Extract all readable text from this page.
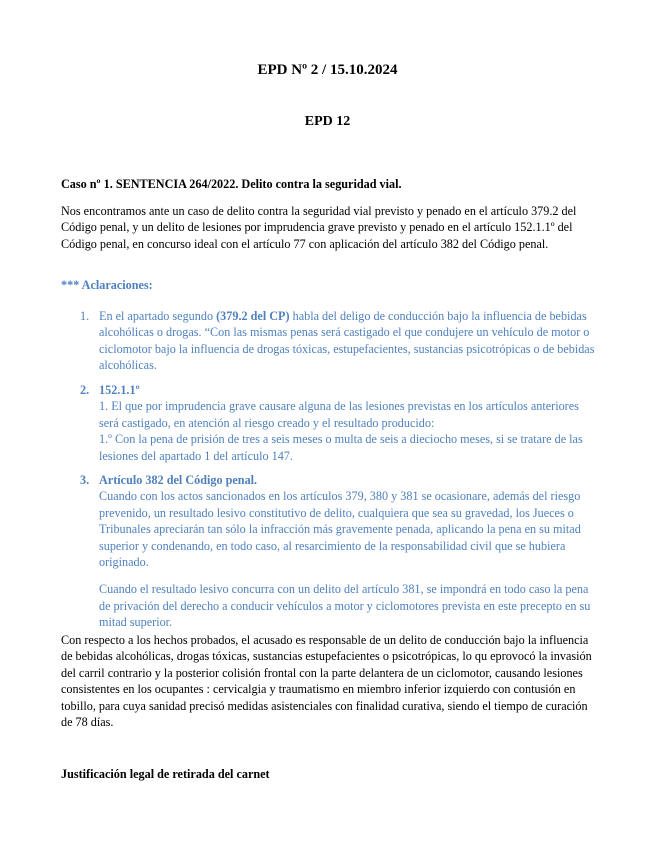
EPD Nº 2 / 15.10.2024
EPD 12
Caso nº 1. SENTENCIA 264/2022. Delito contra la seguridad vial.
Nos encontramos ante un caso de delito contra la seguridad vial previsto y penado en el artículo 379.2 del Código penal, y un delito de lesiones por imprudencia grave previsto y penado en el artículo 152.1.1º del Código penal, en concurso ideal con el artículo 77 con aplicación del artículo 382 del Código penal.
*** Aclaraciones:
1. En el apartado segundo (379.2 del CP) habla del deligo de conducción bajo la influencia de bebidas alcohólicas o drogas. “Con las mismas penas será castigado el que condujere un vehículo de motor o ciclomotor bajo la influencia de drogas tóxicas, estupefacientes, sustancias psicotrópicas o de bebidas alcohólicas.
2. 152.1.1º
1. El que por imprudencia grave causare alguna de las lesiones previstas en los artículos anteriores será castigado, en atención al riesgo creado y el resultado producido:
1.º Con la pena de prisión de tres a seis meses o multa de seis a dieciocho meses, si se tratare de las lesiones del apartado 1 del artículo 147.
3. Artículo 382 del Código penal.
Cuando con los actos sancionados en los artículos 379, 380 y 381 se ocasionare, además del riesgo prevenido, un resultado lesivo constitutivo de delito, cualquiera que sea su gravedad, los Jueces o Tribunales apreciarán tan sólo la infracción más gravemente penada, aplicando la pena en su mitad superior y condenando, en todo caso, al resarcimiento de la responsabilidad civil que se hubiera originado.
Cuando el resultado lesivo concurra con un delito del artículo 381, se impondrá en todo caso la pena de privación del derecho a conducir vehículos a motor y ciclomotores prevista en este precepto en su mitad superior.
Con respecto a los hechos probados, el acusado es responsable de un delito de conducción bajo la influencia de bebidas alcohólicas, drogas tóxicas, sustancias estupefacientes o psicotrópicas, lo qu eprovocó la invasión del carril contrario y la posterior colisión frontal con la parte delantera de un ciclomotor, causando lesiones consistentes en los ocupantes : cervicalgia y traumatismo en miembro inferior izquierdo con contusión en tobillo, para cuya sanidad precisó medidas asistenciales con finalidad curativa, siendo el tiempo de curación de 78 días.
Justificación legal de retirada del carnet
